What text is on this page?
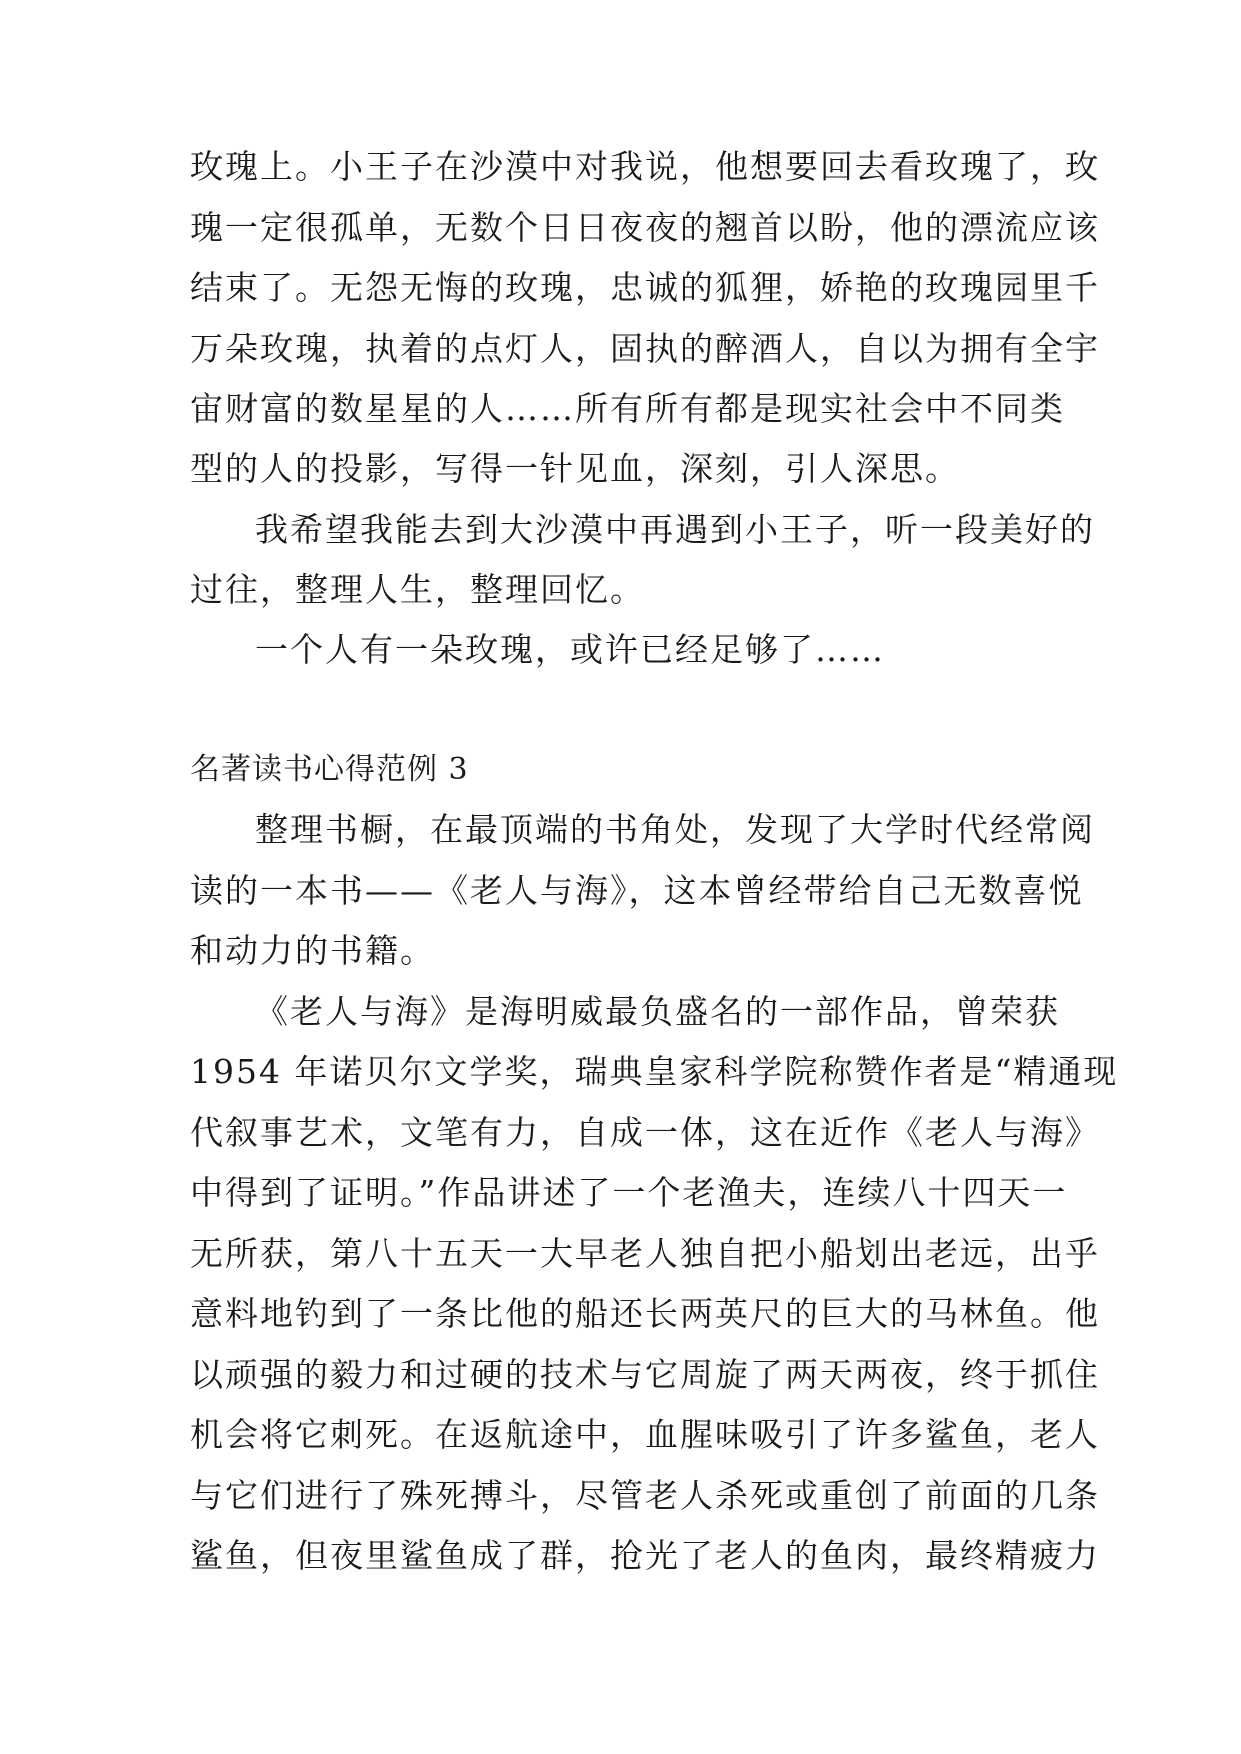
玫瑰上。小王子在沙漠中对我说，他想要回去看玫瑰了，玫
瑰一定很孤单，无数个日日夜夜的翘首以盼，他的漂流应该
结束了。无怨无悔的玫瑰，忠诚的狐狸，娇艳的玫瑰园里千
万朵玫瑰，执着的点灯人，固执的醉酒人，自以为拥有全宇
宙财富的数星星的人……所有所有都是现实社会中不同类
型的人的投影，写得一针见血，深刻，引人深思。
我希望我能去到大沙漠中再遇到小王子，听一段美好的
过往，整理人生，整理回忆。
一个人有一朵玫瑰，或许已经足够了……
名著读书心得范例 3
整理书橱，在最顶端的书角处，发现了大学时代经常阅
读的一本书——《老人与海》，这本曾经带给自己无数喜悦
和动力的书籍。
《老人与海》是海明威最负盛名的一部作品，曾荣获
1954 年诺贝尔文学奖，瑞典皇家科学院称赞作者是“精通现
代叙事艺术，文笔有力，自成一体，这在近作《老人与海》
中得到了证明。”作品讲述了一个老渔夫，连续八十四天一
无所获，第八十五天一大早老人独自把小船划出老远，出乎
意料地钓到了一条比他的船还长两英尺的巨大的马林鱼。他
以顽强的毅力和过硬的技术与它周旋了两天两夜，终于抓住
机会将它刺死。在返航途中，血腥味吸引了许多鲨鱼，老人
与它们进行了殊死搏斗，尽管老人杀死或重创了前面的几条
鲨鱼，但夜里鲨鱼成了群，抢光了老人的鱼肉，最终精疲力
